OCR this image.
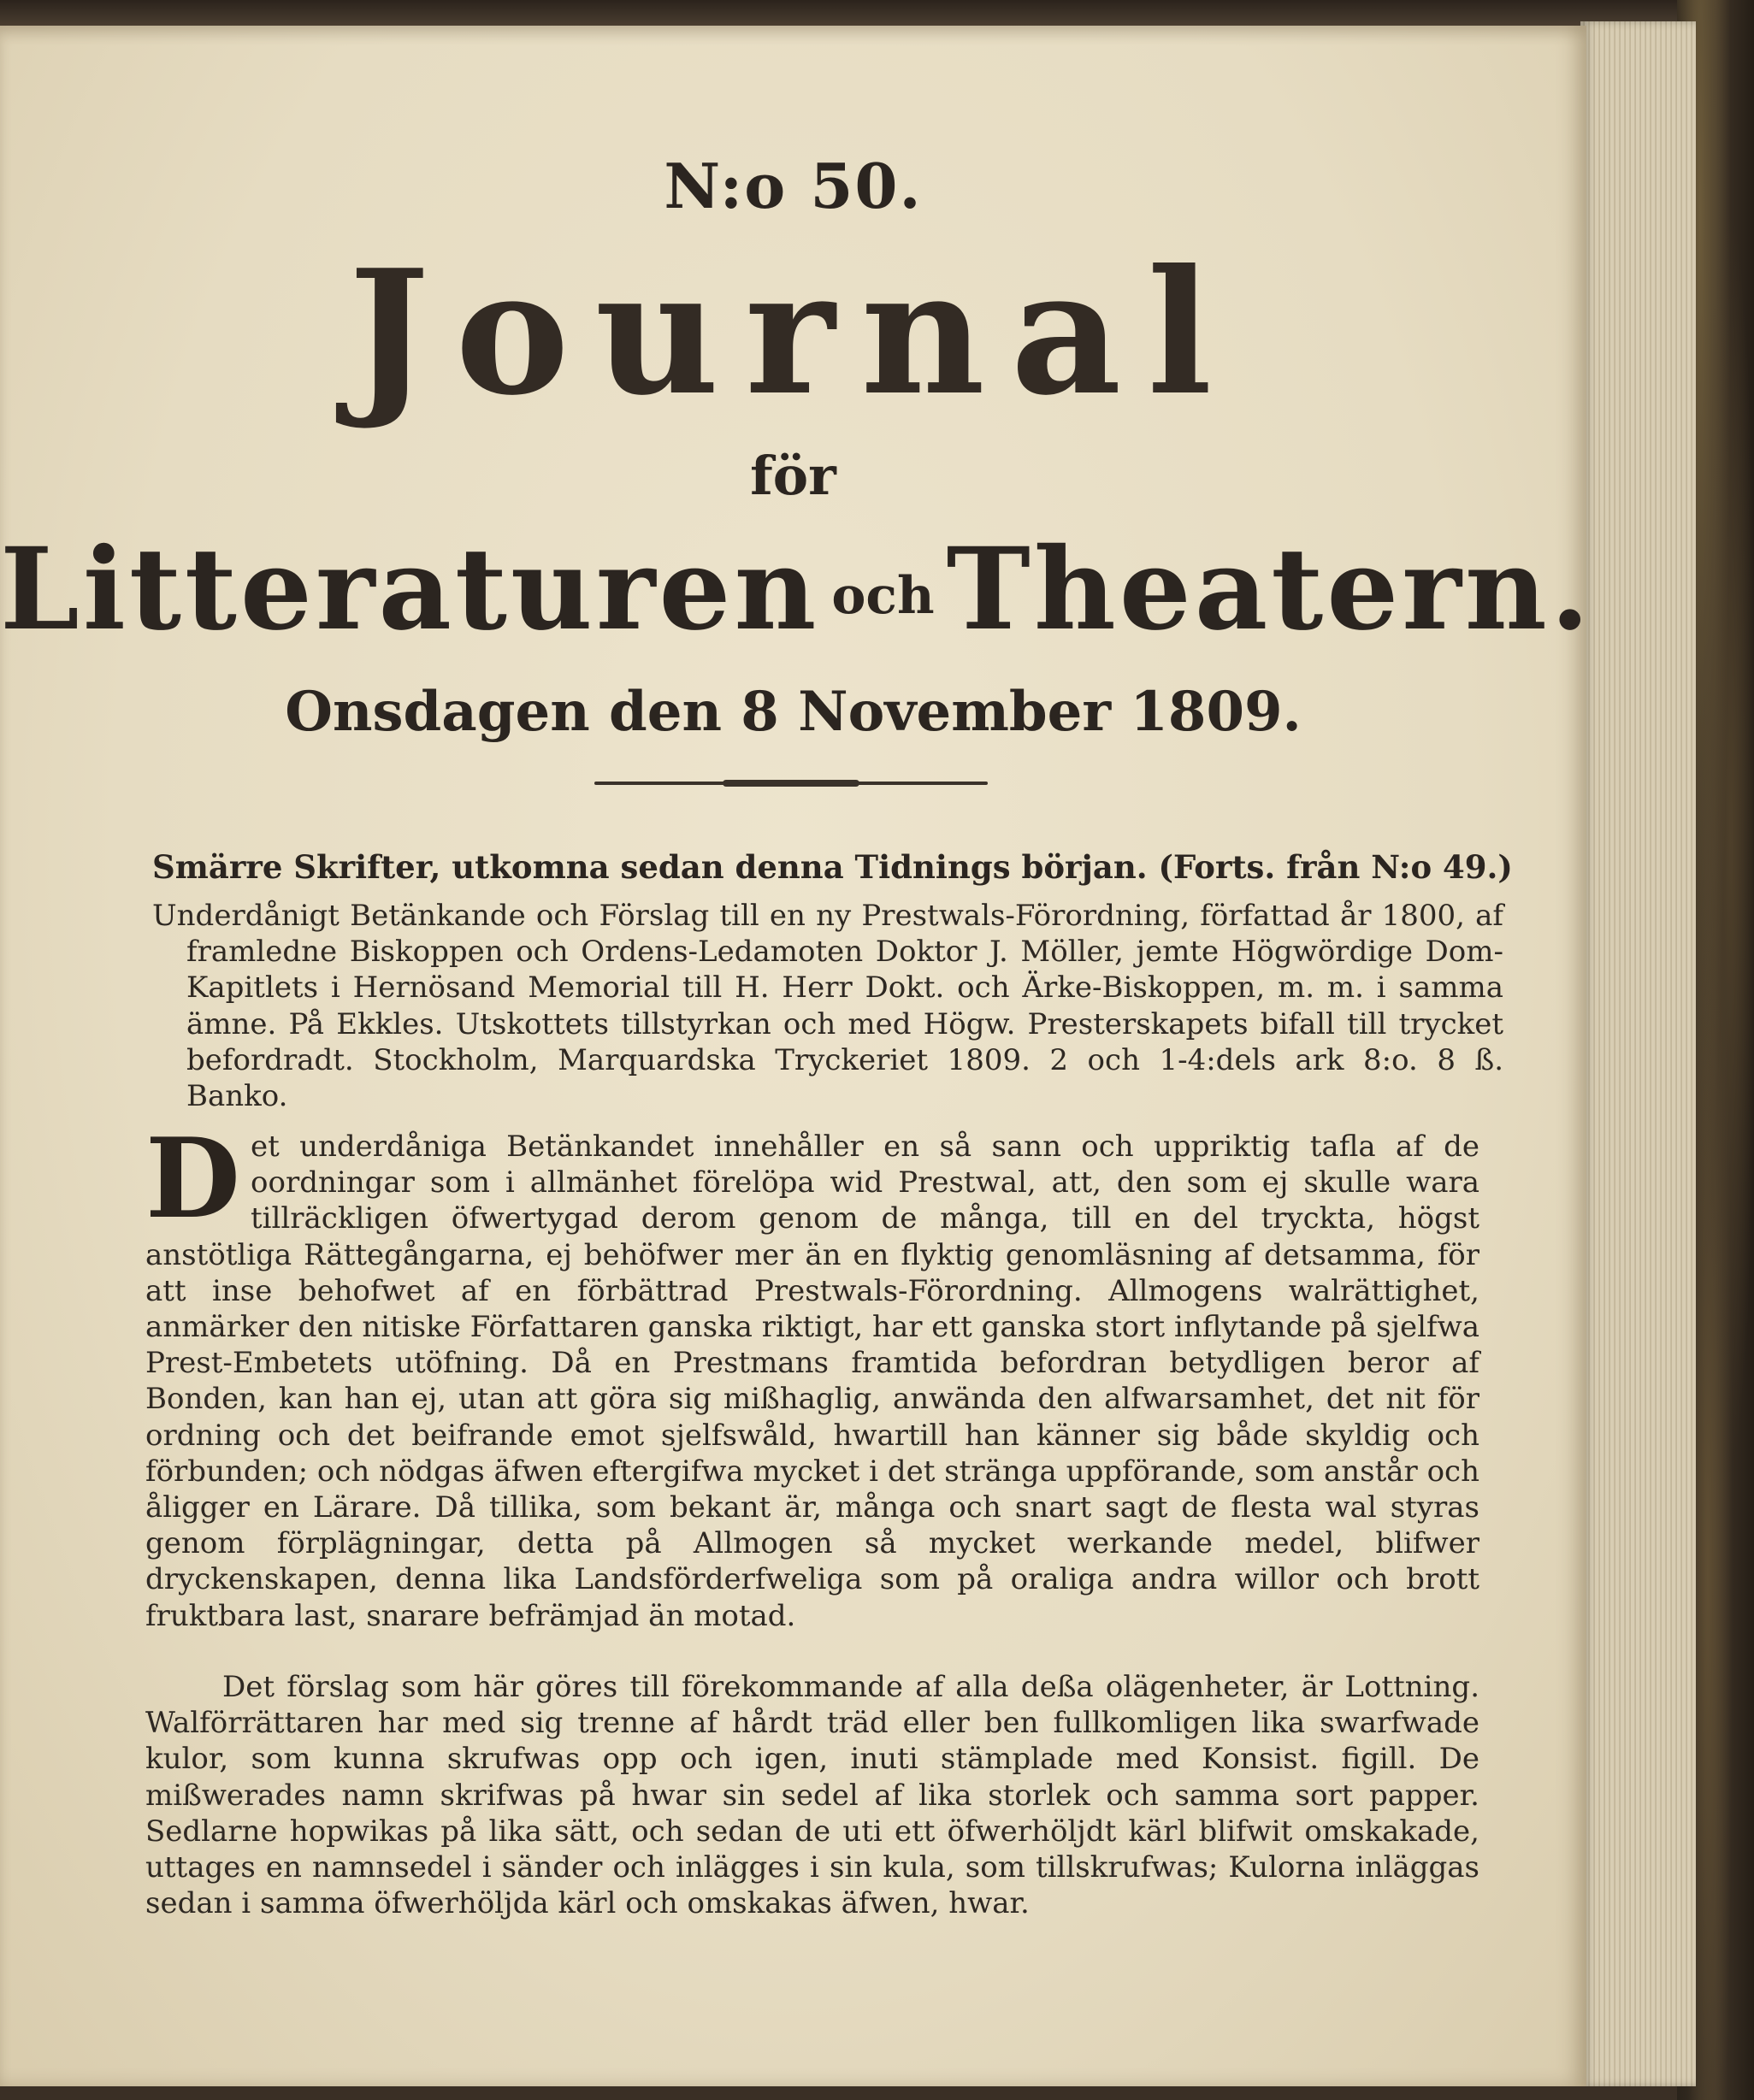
N:o 50.
Journal
för
Litteraturen och Theatern.
Onsdagen den 8 November 1809.
Smärre Skrifter, utkomna sedan denna Tidnings början. (Forts. från N:o 49.)
Underdånigt Betänkande och Förslag till en ny Prestwals-Förordning, författad år 1800, af framledne Biskoppen och Ordens-Ledamoten Doktor J. Möller, jemte Högwördige Dom-Kapitlets i Hernösand Memorial till H. Herr Dokt. och Ärke-Biskoppen, m. m. i samma ämne. På Ekkles. Utskottets tillstyrkan och med Högw. Presterskapets bifall till trycket befordradt. Stockholm, Marquardska Tryckeriet 1809. 2 och 1-4:dels ark 8:o. 8 ß. Banko.
Det underdåniga Betänkandet innehåller en så sann och uppriktig tafla af de oordningar som i allmänhet förelöpa wid Prestwal, att, den som ej skulle wara tillräckligen öfwertygad derom genom de många, till en del tryckta, högst anstötliga Rättegångarna, ej behöfwer mer än en flyktig genomläsning af detsamma, för att inse behofwet af en förbättrad Prestwals-Förordning. Allmogens walrättighet, anmärker den nitiske Författaren ganska riktigt, har ett ganska stort inflytande på sjelfwa Prest-Embetets utöfning. Då en Prestmans framtida befordran betydligen beror af Bonden, kan han ej, utan att göra sig mißhaglig, anwända den alfwarsamhet, det nit för ordning och det beifrande emot sjelfswåld, hwartill han känner sig både skyldig och förbunden; och nödgas äfwen eftergifwa mycket i det stränga uppförande, som anstår och åligger en Lärare. Då tillika, som bekant är, många och snart sagt de flesta wal styras genom förplägningar, detta på Allmogen så mycket werkande medel, blifwer dryckenskapen, denna lika Landsförderfweliga som på oraliga andra willor och brott fruktbara last, snarare befrämjad än motad.
Det förslag som här göres till förekommande af alla deßa olägenheter, är Lottning. Walförrättaren har med sig trenne af hårdt träd eller ben fullkomligen lika swarfwade kulor, som kunna skrufwas opp och igen, inuti stämplade med Konsist. figill. De mißwerades namn skrifwas på hwar sin sedel af lika storlek och samma sort papper. Sedlarne hopwikas på lika sätt, och sedan de uti ett öfwerhöljdt kärl blifwit omskakade, uttages en namnsedel i sänder och inlägges i sin kula, som tillskrufwas; Kulorna inläggas sedan i samma öfwerhöljda kärl och omskakas äfwen, hwar.
